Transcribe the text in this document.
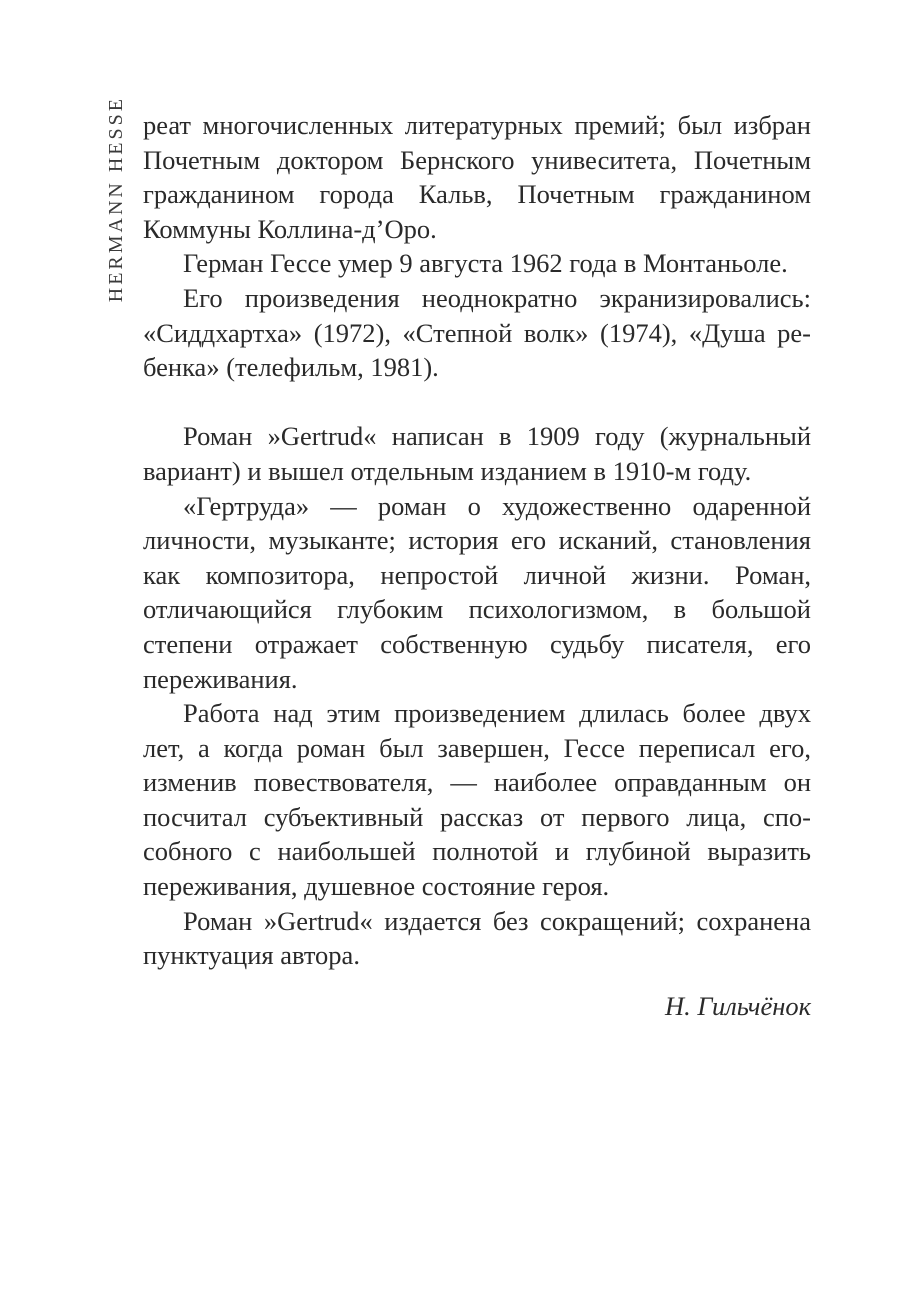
HERMANN HESSE реат многочисленных литературных премий; был избран Почетным доктором Бернского унивеситета, Почетным гражданином города Кальв, Почетным гражданином Коммуны Коллина-д’Оро.

Герман Гессе умер 9 августа 1962 года в Монтаньоле.

Его произведения неоднократно экранизировались: «Сиддхартха» (1972), «Степной волк» (1974), «Душа ребенка» (телефильм, 1981).

Роман »Gertrud« написан в 1909 году (журнальный вариант) и вышел отдельным изданием в 1910-м году.

«Гертруда» — роман о художественно одаренной личности, музыканте; история его исканий, становления как композитора, непростой личной жизни. Роман, отличающийся глубоким психологизмом, в большой степени отражает собственную судьбу писателя, его переживания.

Работа над этим произведением длилась более двух лет, а когда роман был завершен, Гессе переписал его, изменив повествователя, — наиболее оправданным он посчитал субъективный рассказ от первого лица, способного с наибольшей полнотой и глубиной выразить переживания, душевное состояние героя.

Роман »Gertrud« издается без сокращений; сохранена пунктуация автора.

Н. Гильчёнок
